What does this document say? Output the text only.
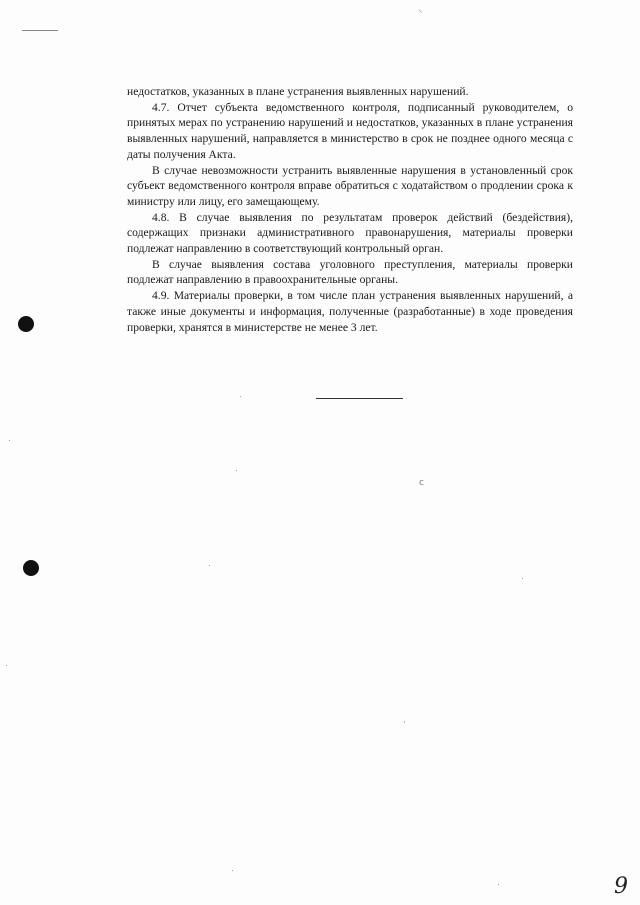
недостатков, указанных в плане устранения выявленных нарушений.

4.7. Отчет субъекта ведомственного контроля, подписанный руководителем, о принятых мерах по устранению нарушений и недостатков, указанных в плане устранения выявленных нарушений, направляется в министерство в срок не позднее одного месяца с даты получения Акта.

В случае невозможности устранить выявленные нарушения в установленный срок субъект ведомственного контроля вправе обратиться с ходатайством о продлении срока к министру или лицу, его замещающему.

4.8. В случае выявления по результатам проверок действий (бездействия), содержащих признаки административного правонарушения, материалы проверки подлежат направлению в соответствующий контрольный орган.

В случае выявления состава уголовного преступления, материалы проверки подлежат направлению в правоохранительные органы.

4.9. Материалы проверки, в том числе план устранения выявленных нарушений, а также иные документы и информация, полученные (разработанные) в ходе проведения проверки, хранятся в министерстве не менее 3 лет.

⸜
ϲ
ͺ
9
